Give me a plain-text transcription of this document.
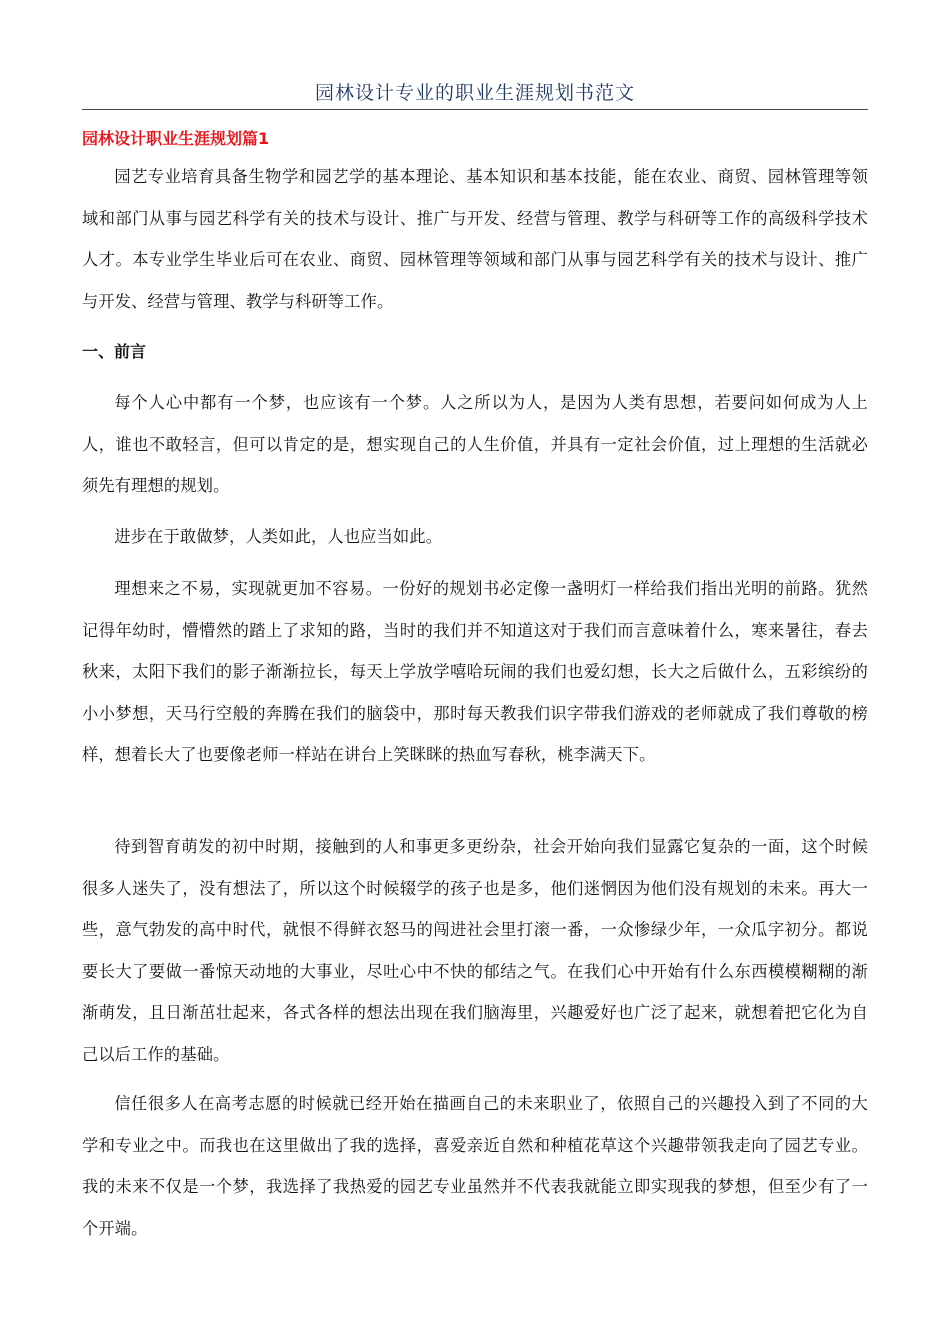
园林设计专业的职业生涯规划书范文
园林设计职业生涯规划篇1

园艺专业培育具备生物学和园艺学的基本理论、基本知识和基本技能，能在农业、商贸、园林管理等领域和部门从事与园艺科学有关的技术与设计、推广与开发、经营与管理、教学与科研等工作的高级科学技术人才。本专业学生毕业后可在农业、商贸、园林管理等领域和部门从事与园艺科学有关的技术与设计、推广与开发、经营与管理、教学与科研等工作。

一、前言

每个人心中都有一个梦，也应该有一个梦。人之所以为人，是因为人类有思想，若要问如何成为人上人，谁也不敢轻言，但可以肯定的是，想实现自己的人生价值，并具有一定社会价值，过上理想的生活就必须先有理想的规划。

进步在于敢做梦，人类如此，人也应当如此。

理想来之不易，实现就更加不容易。一份好的规划书必定像一盏明灯一样给我们指出光明的前路。犹然记得年幼时，懵懵然的踏上了求知的路，当时的我们并不知道这对于我们而言意味着什么，寒来暑往，春去秋来，太阳下我们的影子渐渐拉长，每天上学放学嘻哈玩闹的我们也爱幻想，长大之后做什么，五彩缤纷的小小梦想，天马行空般的奔腾在我们的脑袋中，那时每天教我们识字带我们游戏的老师就成了我们尊敬的榜样，想着长大了也要像老师一样站在讲台上笑眯眯的热血写春秋，桃李满天下。

待到智育萌发的初中时期，接触到的人和事更多更纷杂，社会开始向我们显露它复杂的一面，这个时候很多人迷失了，没有想法了，所以这个时候辍学的孩子也是多，他们迷惘因为他们没有规划的未来。再大一些，意气勃发的高中时代，就恨不得鲜衣怒马的闯进社会里打滚一番，一众惨绿少年，一众瓜字初分。都说要长大了要做一番惊天动地的大事业，尽吐心中不快的郁结之气。在我们心中开始有什么东西模模糊糊的渐渐萌发，且日渐茁壮起来，各式各样的想法出现在我们脑海里，兴趣爱好也广泛了起来，就想着把它化为自己以后工作的基础。

信任很多人在高考志愿的时候就已经开始在描画自己的未来职业了，依照自己的兴趣投入到了不同的大学和专业之中。而我也在这里做出了我的选择，喜爱亲近自然和种植花草这个兴趣带领我走向了园艺专业。我的未来不仅是一个梦，我选择了我热爱的园艺专业虽然并不代表我就能立即实现我的梦想，但至少有了一个开端。
